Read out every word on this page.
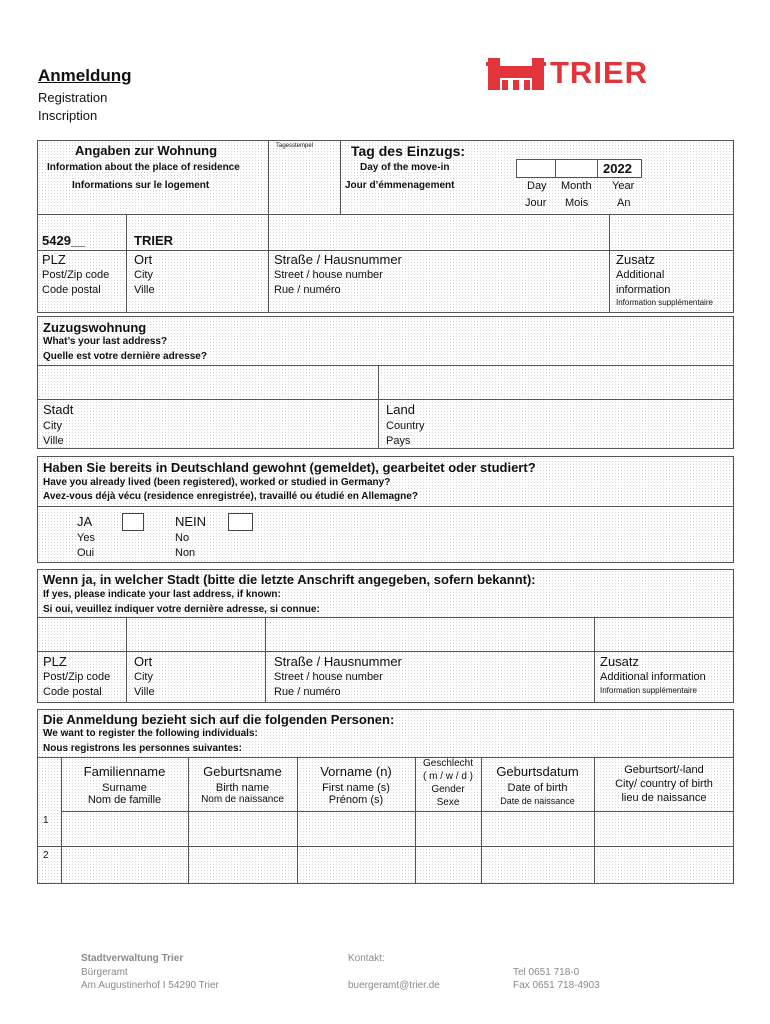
Anmeldung
Registration
Inscription
TRIER
Angaben zur Wohnung
Information about the place of residence
Informations sur le logement
Tagesstempel	Tag des Einzugs:
Day of the move-in
Jour d’émmenagement
2022
Day
Jour
Month
Mois
Year
An
5429__	TRIER
PLZ
Post/Zip code
Code postal
Ort
City
Ville
Straße / Hausnummer
Street / house number
Rue / numéro
Zusatz
Additional
information
Information supplémentaire
Zuzugswohnung
What’s your last address?
Quelle est votre dernière adresse?
Stadt
City
Ville
Land
Country
Pays
Haben Sie bereits in Deutschland gewohnt (gemeldet), gearbeitet oder studiert?
Have you already lived (been registered), worked or studied in Germany?
Avez-vous déjà vécu (residence enregistrée), travaillé ou étudié en Allemagne?
JA
Yes
Oui
NEIN
No
Non
Wenn ja, in welcher Stadt (bitte die letzte Anschrift angegeben, sofern bekannt):
If yes, please indicate your last address, if known:
Si oui, veuillez indiquer votre dernière adresse, si connue:
PLZ
Post/Zip code
Code postal
Ort
City
Ville
Straße / Hausnummer
Street / house number
Rue / numéro
Zusatz
Additional information
Information supplémentaire
Die Anmeldung bezieht sich auf die folgenden Personen:
We want to register the following individuals:
Nous registrons les personnes suivantes:
Familienname
Surname
Nom de famille
Geburtsname
Birth name
Nom de naissance
Vorname (n)
First name (s)
Prénom (s)
Geschlecht
( m / w / d )
Gender
Sexe
Geburtsdatum
Date of birth
Date de naissance
Geburtsort/-land
City/ country of birth
lieu de naissance
1
2
Stadtverwaltung Trier
Bürgeramt
Am Augustinerhof I 54290 Trier
Kontakt:
buergeramt@trier.de
Tel 0651 718-0
Fax 0651 718-4903
